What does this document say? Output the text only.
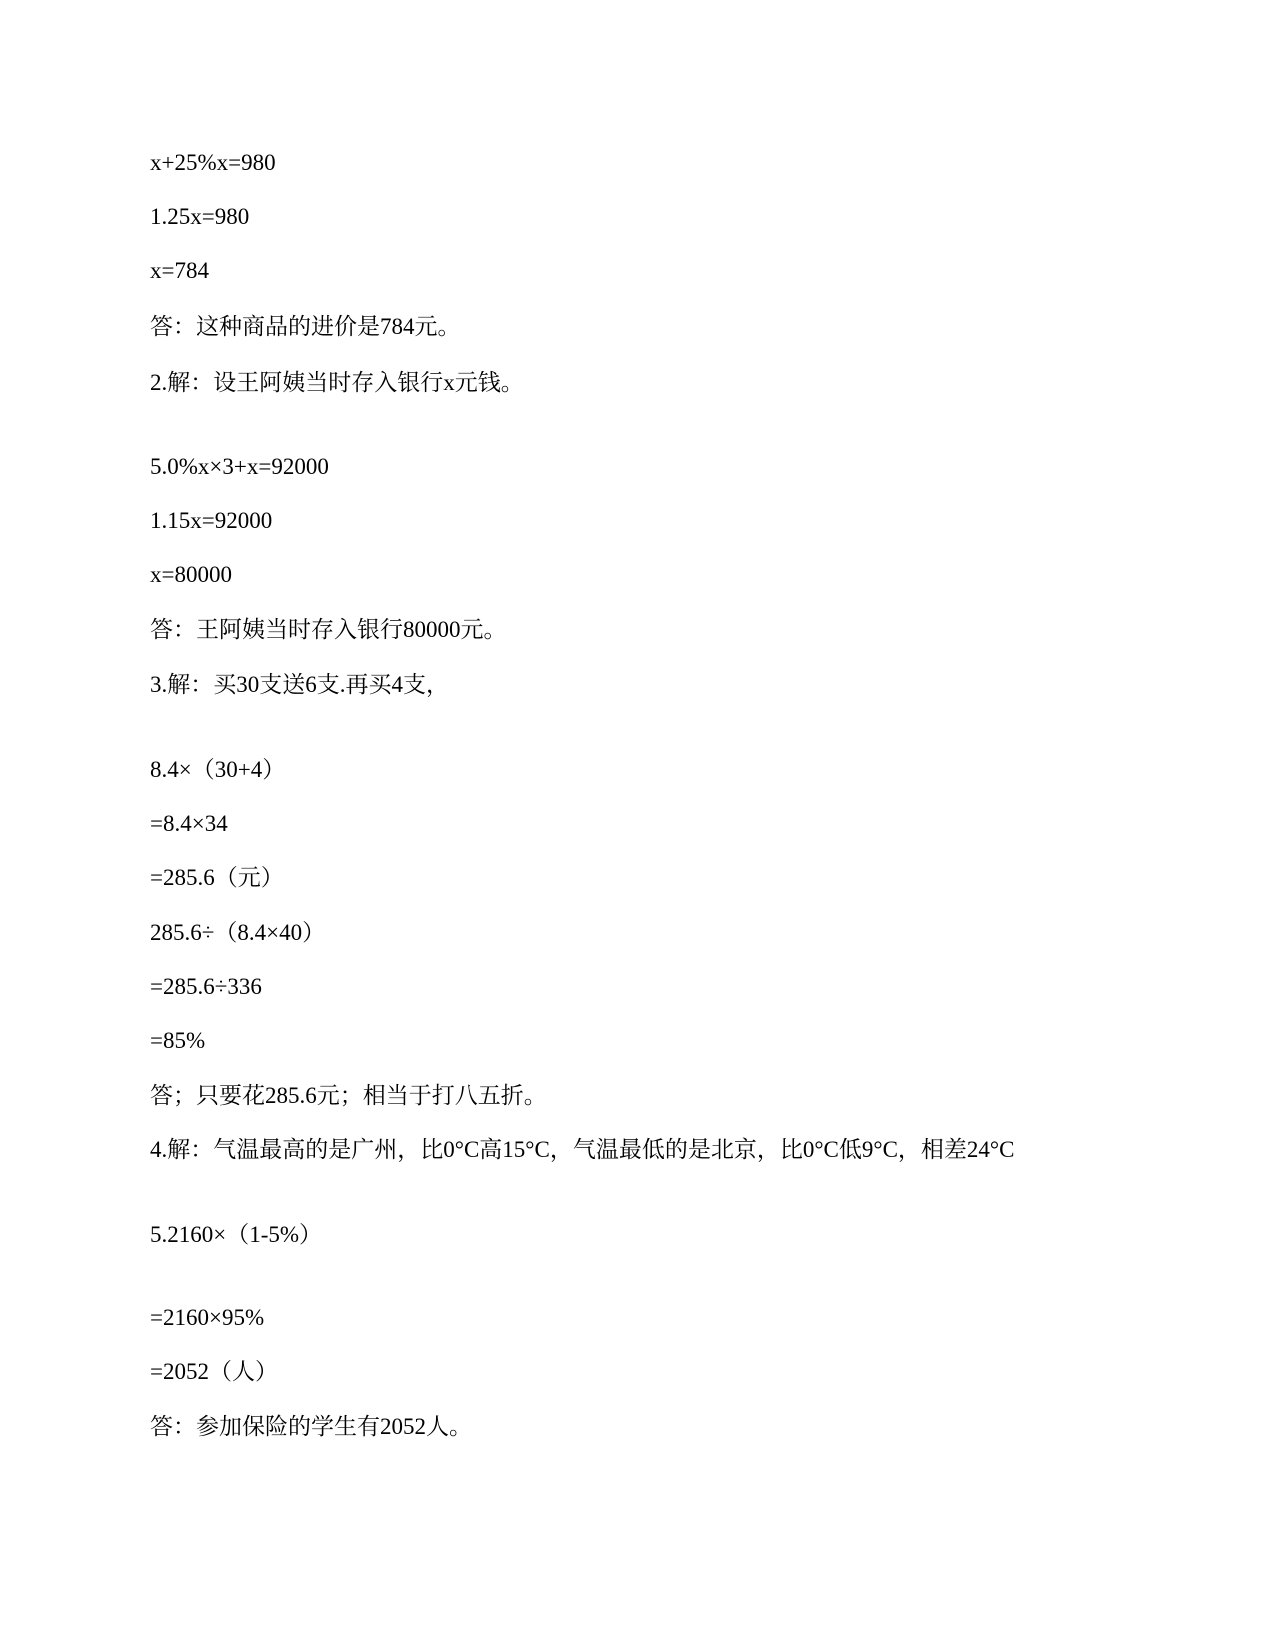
x+25%x=980
1.25x=980
x=784
答：这种商品的进价是784元。
2.解：设王阿姨当时存入银行x元钱。
5.0%x×3+x=92000
1.15x=92000
x=80000
答：王阿姨当时存入银行80000元。
3.解：买30支送6支.再买4支，
8.4×（30+4）
=8.4×34
=285.6（元）
285.6÷（8.4×40）
=285.6÷336
=85%
答；只要花285.6元；相当于打八五折。
4.解：气温最高的是广州，比0°C高15°C，气温最低的是北京，比0°C低9°C，相差24°C
5.2160×（1-5%）
=2160×95%
=2052（人）
答：参加保险的学生有2052人。
